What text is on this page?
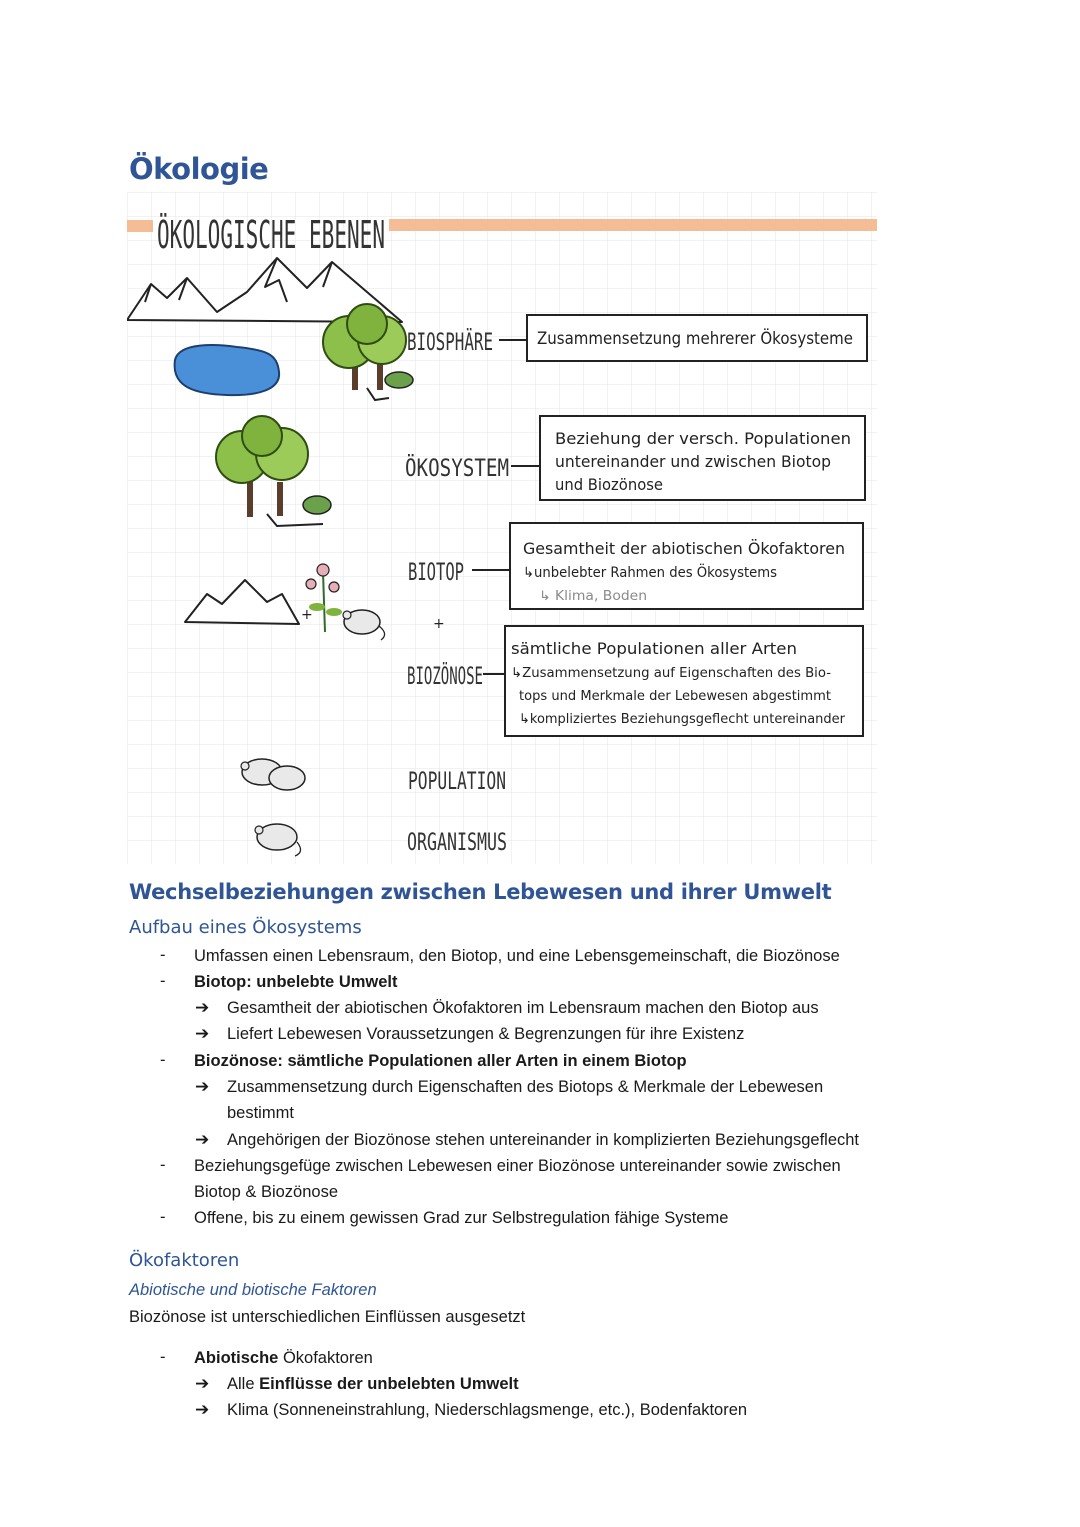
Ökologie
ÖKOLOGISCHE EBENEN
+
+
BIOSPHÄRE
ÖKOSYSTEM
BIOTOP
BIOZÖNOSE
POPULATION
ORGANISMUS
Zusammensetzung mehrerer Ökosysteme
Beziehung der versch. Populationen
untereinander und zwischen Biotop
und Biozönose
Gesamtheit der abiotischen Ökofaktoren
↳unbelebter Rahmen des Ökosystems
↳ Klima, Boden
sämtliche Populationen aller Arten
↳Zusammensetzung auf Eigenschaften des Bio-
tops und Merkmale der Lebewesen abgestimmt
↳kompliziertes Beziehungsgeflecht untereinander
Wechselbeziehungen zwischen Lebewesen und ihrer Umwelt
Aufbau eines Ökosystems
- Umfassen einen Lebensraum, den Biotop, und eine Lebensgemeinschaft, die Biozönose
- Biotop: unbelebte Umwelt
➔ Gesamtheit der abiotischen Ökofaktoren im Lebensraum machen den Biotop aus
➔ Liefert Lebewesen Voraussetzungen & Begrenzungen für ihre Existenz
- Biozönose: sämtliche Populationen aller Arten in einem Biotop
➔ Zusammensetzung durch Eigenschaften des Biotops & Merkmale der Lebewesen
bestimmt
➔ Angehörigen der Biozönose stehen untereinander in komplizierten Beziehungsgeflecht
- Beziehungsgefüge zwischen Lebewesen einer Biozönose untereinander sowie zwischen
Biotop & Biozönose
- Offene, bis zu einem gewissen Grad zur Selbstregulation fähige Systeme
Ökofaktoren
Abiotische und biotische Faktoren
Biozönose ist unterschiedlichen Einflüssen ausgesetzt
- Abiotische Ökofaktoren
➔ Alle Einflüsse der unbelebten Umwelt
➔ Klima (Sonneneinstrahlung, Niederschlagsmenge, etc.), Bodenfaktoren
